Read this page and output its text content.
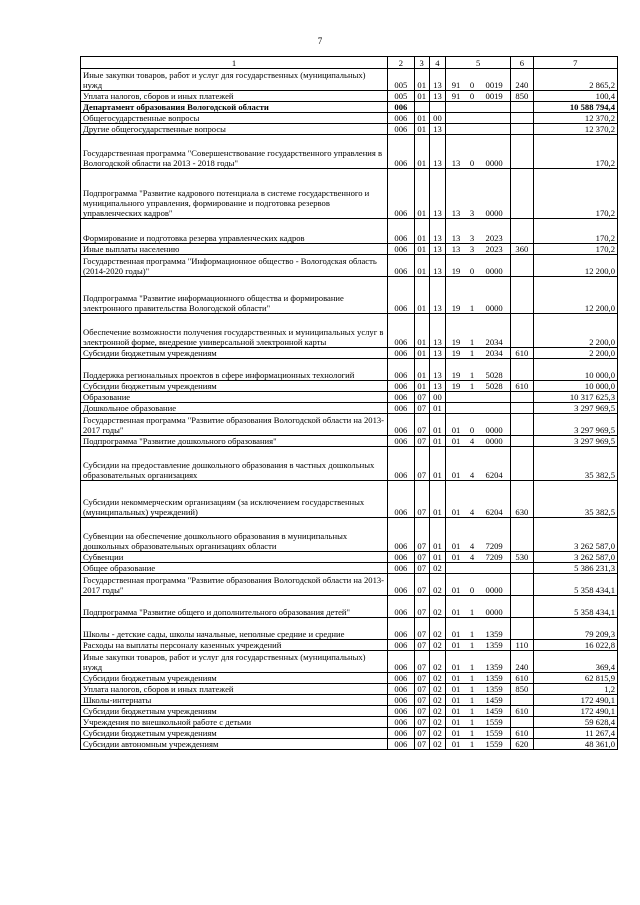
7
1	2	3	4	5			6	7
Иные закупки товаров, работ и услуг для государственных (муниципальных) нужд	005	01	13	91	0	0019	240	2 865,2
Уплата налогов, сборов и иных платежей	005	01	13	91	0	0019	850	100,4
Департамент образования Вологодской области	006							10 588 794,4
Общегосударственные вопросы	006	01	00					12 370,2
Другие общегосударственные вопросы	006	01	13					12 370,2
Государственная программа "Совершенствование государственного управления в Вологодской области на 2013 - 2018 годы"	006	01	13	13	0	0000		170,2
Подпрограмма "Развитие кадрового потенциала в системе государственного и муниципального управления, формирование и подготовка резервов управленческих кадров"	006	01	13	13	3	0000		170,2
Формирование и подготовка резерва управленческих кадров	006	01	13	13	3	2023		170,2
Иные выплаты населению	006	01	13	13	3	2023	360	170,2
Государственная программа "Информационное общество - Вологодская область (2014-2020 годы)"	006	01	13	19	0	0000		12 200,0
Подпрограмма "Развитие информационного общества и формирование электронного правительства Вологодской области"	006	01	13	19	1	0000		12 200,0
Обеспечение возможности получения государственных и муниципальных услуг в электронной форме, внедрение универсальной электронной карты	006	01	13	19	1	2034		2 200,0
Субсидии бюджетным учреждениям	006	01	13	19	1	2034	610	2 200,0
Поддержка региональных проектов в сфере информационных технологий	006	01	13	19	1	5028		10 000,0
Субсидии бюджетным учреждениям	006	01	13	19	1	5028	610	10 000,0
Образование	006	07	00					10 317 625,3
Дошкольное образование	006	07	01					3 297 969,5
Государственная программа "Развитие образования Вологодской области на 2013-2017 годы"	006	07	01	01	0	0000		3 297 969,5
Подпрограмма "Развитие дошкольного образования"	006	07	01	01	4	0000		3 297 969,5
Субсидии на предоставление дошкольного образования в частных дошкольных образовательных организациях	006	07	01	01	4	6204		35 382,5
Субсидии некоммерческим организациям (за исключением государственных (муниципальных) учреждений)	006	07	01	01	4	6204	630	35 382,5
Субвенции на обеспечение дошкольного образования в муниципальных дошкольных образовательных организациях области	006	07	01	01	4	7209		3 262 587,0
Субвенции	006	07	01	01	4	7209	530	3 262 587,0
Общее образование	006	07	02					5 386 231,3
Государственная программа "Развитие образования Вологодской области на 2013-2017 годы"	006	07	02	01	0	0000		5 358 434,1
Подпрограмма "Развитие общего и дополнительного образования детей"	006	07	02	01	1	0000		5 358 434,1
Школы - детские сады, школы начальные, неполные средние и средние	006	07	02	01	1	1359		79 209,3
Расходы на выплаты персоналу казенных учреждений	006	07	02	01	1	1359	110	16 022,8
Иные закупки товаров, работ и услуг для государственных (муниципальных) нужд	006	07	02	01	1	1359	240	369,4
Субсидии бюджетным учреждениям	006	07	02	01	1	1359	610	62 815,9
Уплата налогов, сборов и иных платежей	006	07	02	01	1	1359	850	1,2
Школы-интернаты	006	07	02	01	1	1459		172 490,1
Субсидии бюджетным учреждениям	006	07	02	01	1	1459	610	172 490,1
Учреждения по внешкольной работе с детьми	006	07	02	01	1	1559		59 628,4
Субсидии бюджетным учреждениям	006	07	02	01	1	1559	610	11 267,4
Субсидии автономным учреждениям	006	07	02	01	1	1559	620	48 361,0
